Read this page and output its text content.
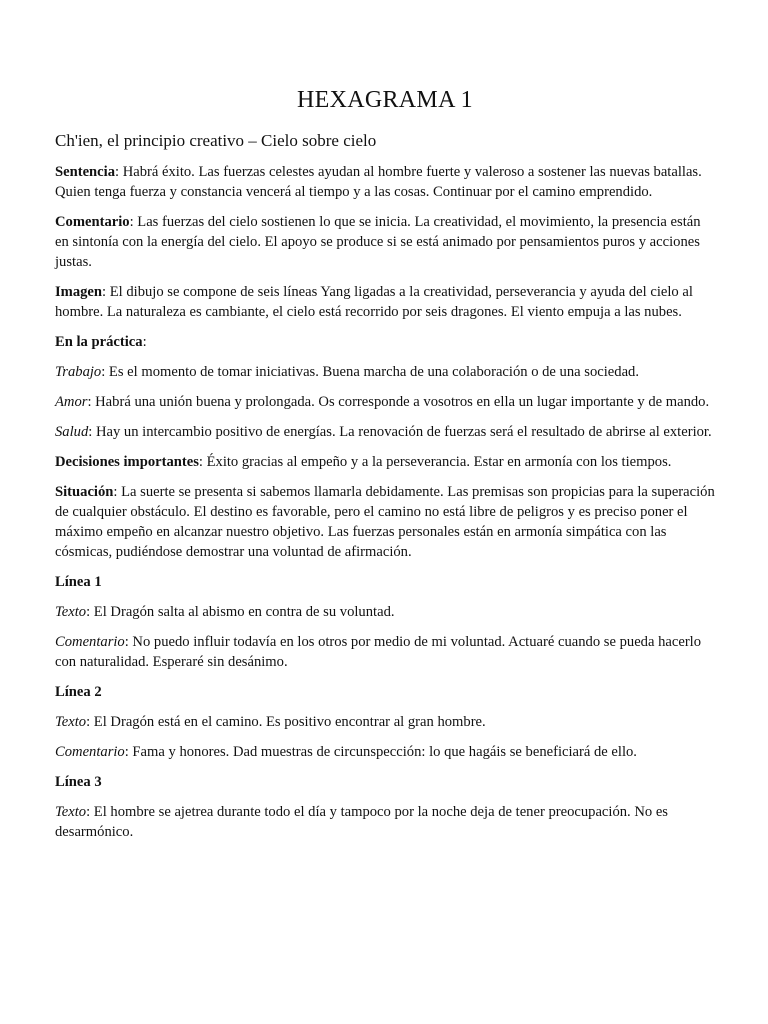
HEXAGRAMA 1
Ch'ien, el principio creativo – Cielo sobre cielo

Sentencia: Habrá éxito. Las fuerzas celestes ayudan al hombre fuerte y valeroso a sostener las nuevas batallas. Quien tenga fuerza y constancia vencerá al tiempo y a las cosas. Continuar por el camino emprendido.

Comentario: Las fuerzas del cielo sostienen lo que se inicia. La creatividad, el movimiento, la presencia están en sintonía con la energía del cielo. El apoyo se produce si se está animado por pensamientos puros y acciones justas.

Imagen: El dibujo se compone de seis líneas Yang ligadas a la creatividad, perseverancia y ayuda del cielo al hombre. La naturaleza es cambiante, el cielo está recorrido por seis dragones. El viento empuja a las nubes.

En la práctica:

Trabajo: Es el momento de tomar iniciativas. Buena marcha de una colaboración o de una sociedad.

Amor: Habrá una unión buena y prolongada. Os corresponde a vosotros en ella un lugar importante y de mando.

Salud: Hay un intercambio positivo de energías. La renovación de fuerzas será el resultado de abrirse al exterior.

Decisiones importantes: Éxito gracias al empeño y a la perseverancia. Estar en armonía con los tiempos.

Situación: La suerte se presenta si sabemos llamarla debidamente. Las premisas son propicias para la superación de cualquier obstáculo. El destino es favorable, pero el camino no está libre de peligros y es preciso poner el máximo empeño en alcanzar nuestro objetivo. Las fuerzas personales están en armonía simpática con las cósmicas, pudiéndose demostrar una voluntad de afirmación.

Línea 1

Texto: El Dragón salta al abismo en contra de su voluntad.

Comentario: No puedo influir todavía en los otros por medio de mi voluntad. Actuaré cuando se pueda hacerlo con naturalidad. Esperaré sin desánimo.

Línea 2

Texto: El Dragón está en el camino. Es positivo encontrar al gran hombre.

Comentario: Fama y honores. Dad muestras de circunspección: lo que hagáis se beneficiará de ello.

Línea 3

Texto: El hombre se ajetrea durante todo el día y tampoco por la noche deja de tener preocupación. No es desarmónico.
